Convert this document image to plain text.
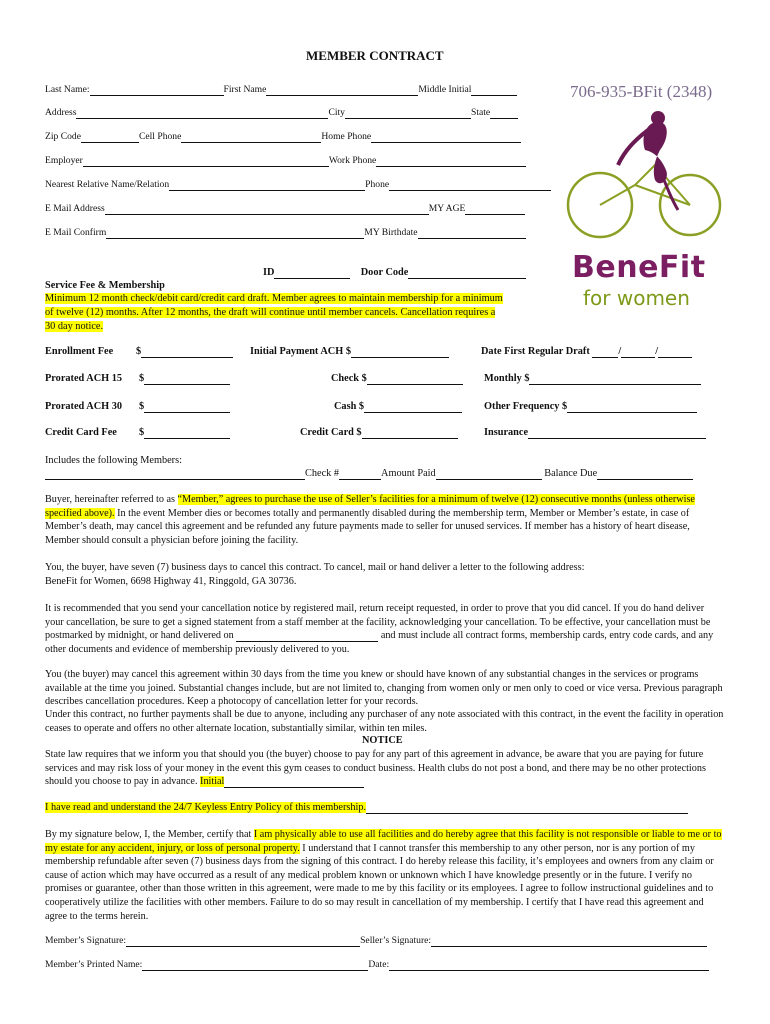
MEMBER CONTRACT
706-935-BFit (2348)
BeneFit
for women
Last Name:	First Name	Middle Initial
Address	City	State
Zip Code	Cell Phone	Home Phone
Employer	Work Phone
Nearest Relative Name/Relation	Phone
E Mail Address	MY AGE
E Mail Confirm	MY Birthdate
ID	Door Code
Service Fee & Membership
Minimum 12 month check/debit card/credit card draft. Member agrees to maintain membership for a minimum
of twelve (12) months. After 12 months, the draft will continue until member cancels. Cancellation requires a
30 day notice.
Enrollment Fee $	Initial Payment ACH $	Date First Regular Draft	/	/
Prorated ACH 15 $	Check $	Monthly $
Prorated ACH 30 $	Cash $	Other Frequency $
Credit Card Fee $	Credit Card $	Insurance
Includes the following Members:
Check #	Amount Paid	Balance Due
Buyer, hereinafter referred to as “Member,” agrees to purchase the use of Seller’s facilities for a minimum of twelve (12) consecutive months (unless otherwise specified above). In the event Member dies or becomes totally and permanently disabled during the membership term, Member or Member’s estate, in case of Member’s death, may cancel this agreement and be refunded any future payments made to seller for unused services. If member has a history of heart disease, Member should consult a physician before joining the facility.
You, the buyer, have seven (7) business days to cancel this contract. To cancel, mail or hand deliver a letter to the following address:
BeneFit for Women, 6698 Highway 41, Ringgold, GA 30736.
It is recommended that you send your cancellation notice by registered mail, return receipt requested, in order to prove that you did cancel. If you do hand deliver your cancellation, be sure to get a signed statement from a staff member at the facility, acknowledging your cancellation. To be effective, your cancellation must be postmarked by midnight, or hand delivered on	and must include all contract forms, membership cards, entry code cards, and any other documents and evidence of membership previously delivered to you.
You (the buyer) may cancel this agreement within 30 days from the time you knew or should have known of any substantial changes in the services or programs available at the time you joined. Substantial changes include, but are not limited to, changing from women only or men only to coed or vice versa. Previous paragraph describes cancellation procedures. Keep a photocopy of cancellation letter for your records.
Under this contract, no further payments shall be due to anyone, including any purchaser of any note associated with this contract, in the event the facility in operation ceases to operate and offers no other alternate location, substantially similar, within ten miles.
NOTICE
State law requires that we inform you that should you (the buyer) choose to pay for any part of this agreement in advance, be aware that you are paying for future services and may risk loss of your money in the event this gym ceases to conduct business. Health clubs do not post a bond, and there may be no other protections should you choose to pay in advance. Initial
I have read and understand the 24/7 Keyless Entry Policy of this membership.
By my signature below, I, the Member, certify that I am physically able to use all facilities and do hereby agree that this facility is not responsible or liable to me or to my estate for any accident, injury, or loss of personal property. I understand that I cannot transfer this membership to any other person, nor is any portion of my membership refundable after seven (7) business days from the signing of this contract. I do hereby release this facility, it’s employees and owners from any claim or cause of action which may have occurred as a result of any medical problem known or unknown which I have knowledge presently or in the future. I verify no promises or guarantee, other than those written in this agreement, were made to me by this facility or its employees. I agree to follow instructional guidelines and to cooperatively utilize the facilities with other members. Failure to do so may result in cancellation of my membership. I certify that I have read this agreement and agree to the terms herein.
Member’s Signature:	Seller’s Signature:
Member’s Printed Name:	Date:
